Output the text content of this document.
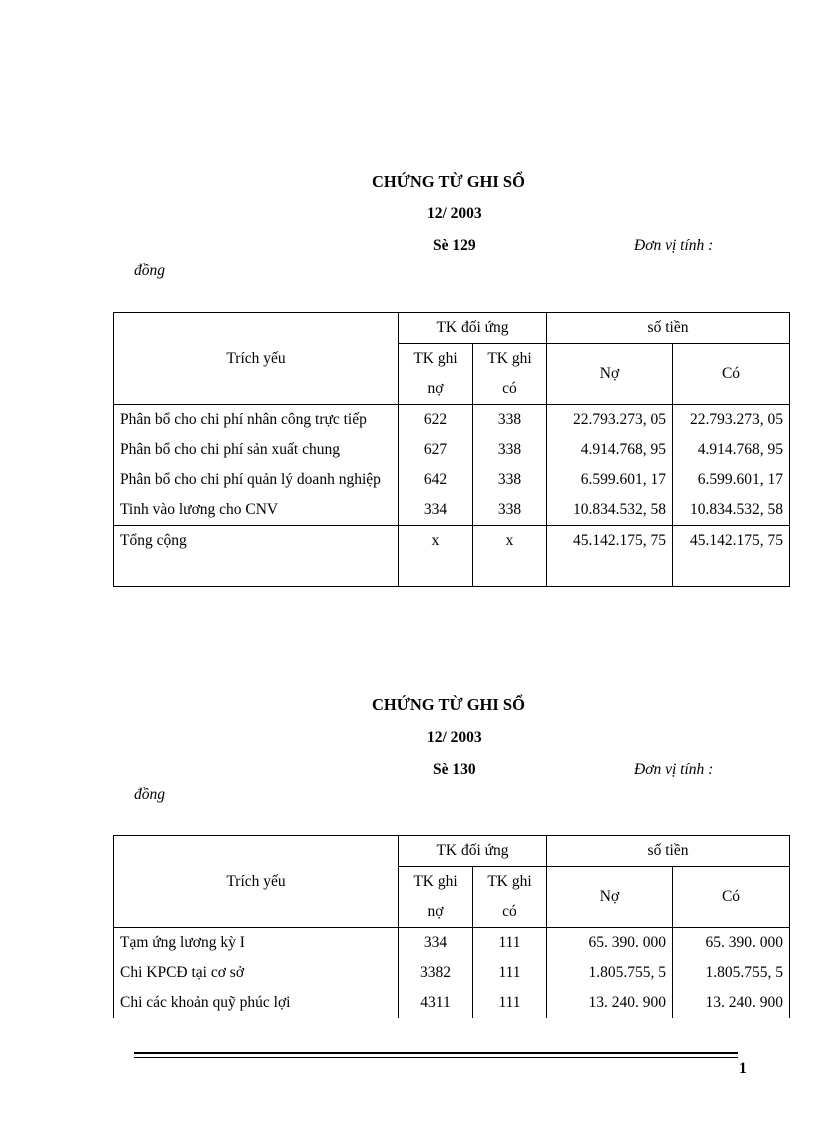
CHỨNG TỪ GHI SỔ
12/ 2003
Sè 129	Đơn vị tính :
đồng
Trích yếu	TK đối ứng		số tiền	
	TK ghi nợ	TK ghi có	Nợ	Có
Phân bổ cho chi phí nhân công trực tiếp	622	338	22.793.273, 05	22.793.273, 05
Phân bổ cho chi phí sản xuất chung	627	338	4.914.768, 95	4.914.768, 95
Phân bổ cho chi phí quản lý doanh nghiệp	642	338	6.599.601, 17	6.599.601, 17
Tinh vào lương cho CNV	334	338	10.834.532, 58	10.834.532, 58
Tổng cộng	x	x	45.142.175, 75	45.142.175, 75
CHỨNG TỪ GHI SỔ
12/ 2003
Sè 130	Đơn vị tính :
đồng
Trích yếu	TK đối ứng		số tiền	
	TK ghi nợ	TK ghi có	Nợ	Có
Tạm ứng lương kỳ I	334	111	65. 390. 000	65. 390. 000
Chi KPCĐ tại cơ sở	3382	111	1.805.755, 5	1.805.755, 5
Chi các khoản quỹ phúc lợi	4311	111	13. 240. 900	13. 240. 900
1
